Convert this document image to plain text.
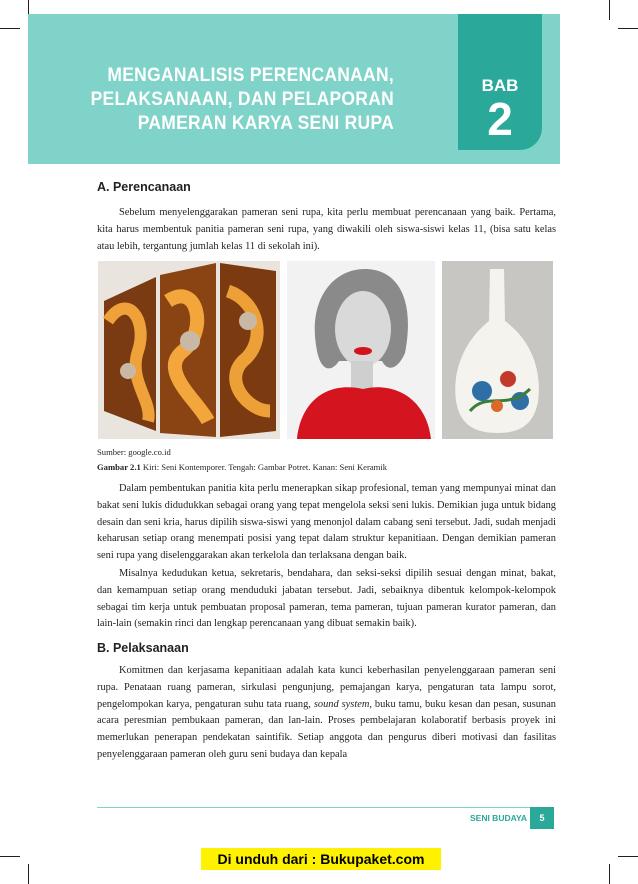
MENGANALISIS PERENCANAAN,
PELAKSANAAN, DAN PELAPORAN
PAMERAN KARYA SENI RUPA
BAB
2
A. Perencanaan

Sebelum menyelenggarakan pameran seni rupa, kita perlu membuat perencanaan yang baik. Pertama, kita harus membentuk panitia pameran seni rupa, yang diwakili oleh siswa-siswi kelas 11, (bisa satu kelas atau lebih, tergantung jumlah kelas 11 di sekolah ini).

Sumber: google.co.id
Gambar 2.1 Kiri: Seni Kontemporer. Tengah: Gambar Potret. Kanan: Seni Keramik

Dalam pembentukan panitia kita perlu menerapkan sikap profesional, teman yang mempunyai minat dan bakat seni lukis didudukkan sebagai orang yang tepat mengelola seksi seni lukis. Demikian juga untuk bidang desain dan seni kria, harus dipilih siswa-siswi yang menonjol dalam cabang seni tersebut. Jadi, sudah menjadi keharusan setiap orang menempati posisi yang tepat dalam struktur kepanitiaan. Dengan demikian pameran seni rupa yang diselenggarakan akan terkelola dan terlaksana dengan baik.

Misalnya kedudukan ketua, sekretaris, bendahara, dan seksi-seksi dipilih sesuai dengan minat, bakat, dan kemampuan setiap orang menduduki jabatan tersebut. Jadi, sebaiknya dibentuk kelompok-kelompok sebagai tim kerja untuk pembuatan proposal pameran, tema pameran, tujuan pameran kurator pameran, dan lain-lain (semakin rinci dan lengkap perencanaan yang dibuat semakin baik).

B. Pelaksanaan

Komitmen dan kerjasama kepanitiaan adalah kata kunci keberhasilan penyelenggaraan pameran seni rupa. Penataan ruang pameran, sirkulasi pengunjung, pemajangan karya, pengaturan tata lampu sorot, pengelompokan karya, pengaturan suhu tata ruang, sound system, buku tamu, buku kesan dan pesan, susunan acara peresmian pembukaan pameran, dan lan-lain. Proses pembelajaran kolaboratif berbasis proyek ini memerlukan penerapan pendekatan saintifik. Setiap anggota dan pengurus diberi motivasi dan fasilitas penyelenggaraan pameran oleh guru seni budaya dan kepala

SENI BUDAYA	5
Di unduh dari : Bukupaket.com
